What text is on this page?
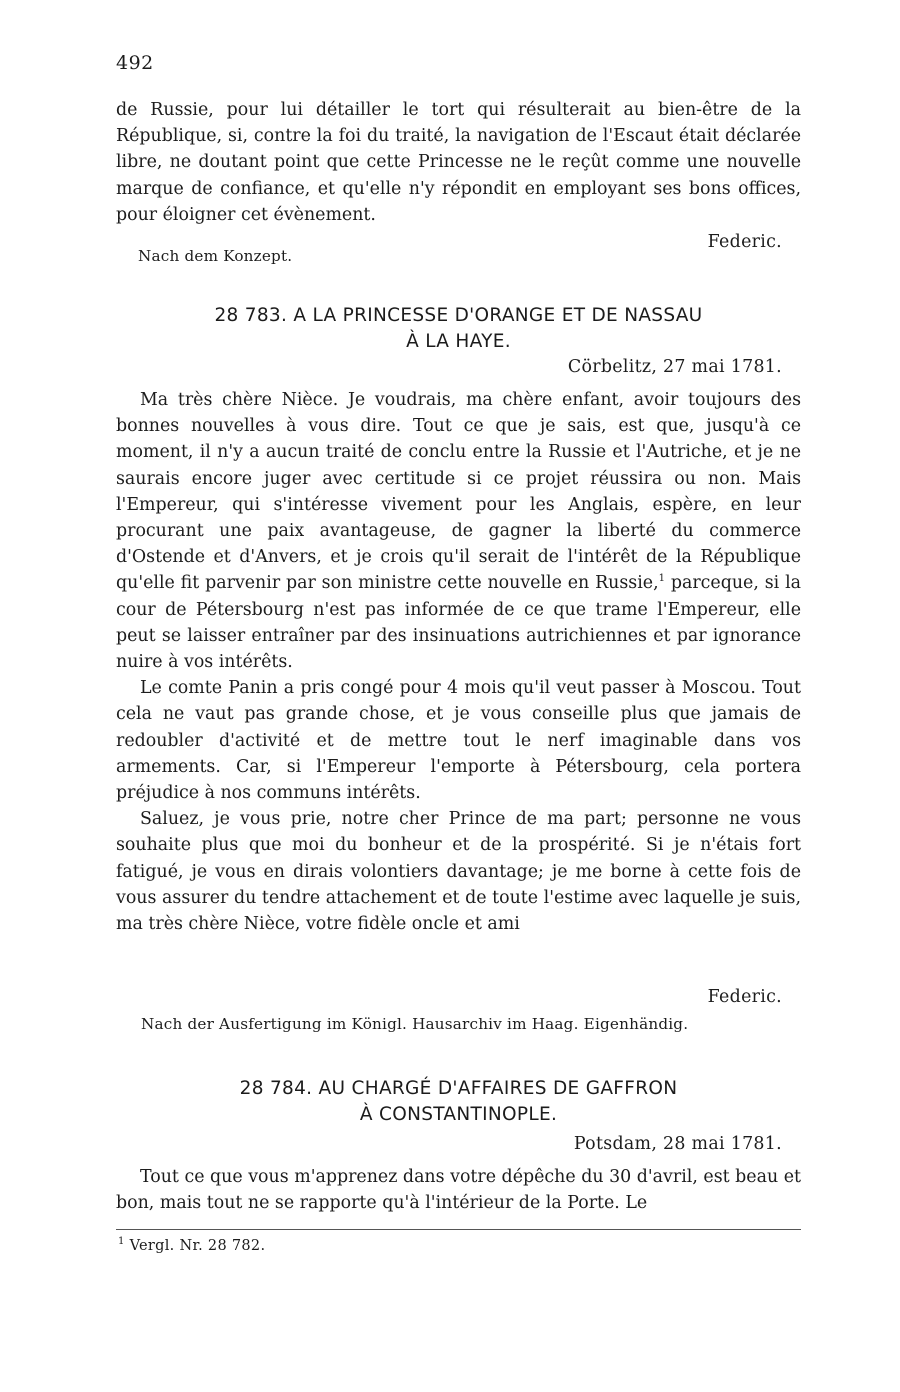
492

de Russie, pour lui détailler le tort qui résulterait au bien-être de la République, si, contre la foi du traité, la navigation de l'Escaut était déclarée libre, ne doutant point que cette Princesse ne le reçût comme une nouvelle marque de confiance, et qu'elle n'y répondit en employant ses bons offices, pour éloigner cet évènement.

Federic.
Nach dem Konzept.
28 783. A LA PRINCESSE D'ORANGE ET DE NASSAU
À LA HAYE.
Cörbelitz, 27 mai 1781.

Ma très chère Nièce. Je voudrais, ma chère enfant, avoir toujours des bonnes nouvelles à vous dire. Tout ce que je sais, est que, jusqu'à ce moment, il n'y a aucun traité de conclu entre la Russie et l'Autriche, et je ne saurais encore juger avec certitude si ce projet réussira ou non. Mais l'Empereur, qui s'intéresse vivement pour les Anglais, espère, en leur procurant une paix avantageuse, de gagner la liberté du commerce d'Ostende et d'Anvers, et je crois qu'il serait de l'intérêt de la République qu'elle fit parvenir par son ministre cette nouvelle en Russie,$^1$ parceque, si la cour de Pétersbourg n'est pas informée de ce que trame l'Empereur, elle peut se laisser entraîner par des insinuations autrichiennes et par ignorance nuire à vos intérêts.

Le comte Panin a pris congé pour 4 mois qu'il veut passer à Moscou. Tout cela ne vaut pas grande chose, et je vous conseille plus que jamais de redoubler d'activité et de mettre tout le nerf imaginable dans vos armements. Car, si l'Empereur l'emporte à Pétersbourg, cela portera préjudice à nos communs intérêts.

Saluez, je vous prie, notre cher Prince de ma part; personne ne vous souhaite plus que moi du bonheur et de la prospérité. Si je n'étais fort fatigué, je vous en dirais volontiers davantage; je me borne à cette fois de vous assurer du tendre attachement et de toute l'estime avec laquelle je suis, ma très chère Nièce, votre fidèle oncle et ami

Federic.
Nach der Ausfertigung im Königl. Hausarchiv im Haag. Eigenhändig.
28 784. AU CHARGÉ D'AFFAIRES DE GAFFRON
À CONSTANTINOPLE.
Potsdam, 28 mai 1781.

Tout ce que vous m'apprenez dans votre dépêche du 30 d'avril, est beau et bon, mais tout ne se rapporte qu'à l'intérieur de la Porte. Le

$^1$ Vergl. Nr. 28 782.
